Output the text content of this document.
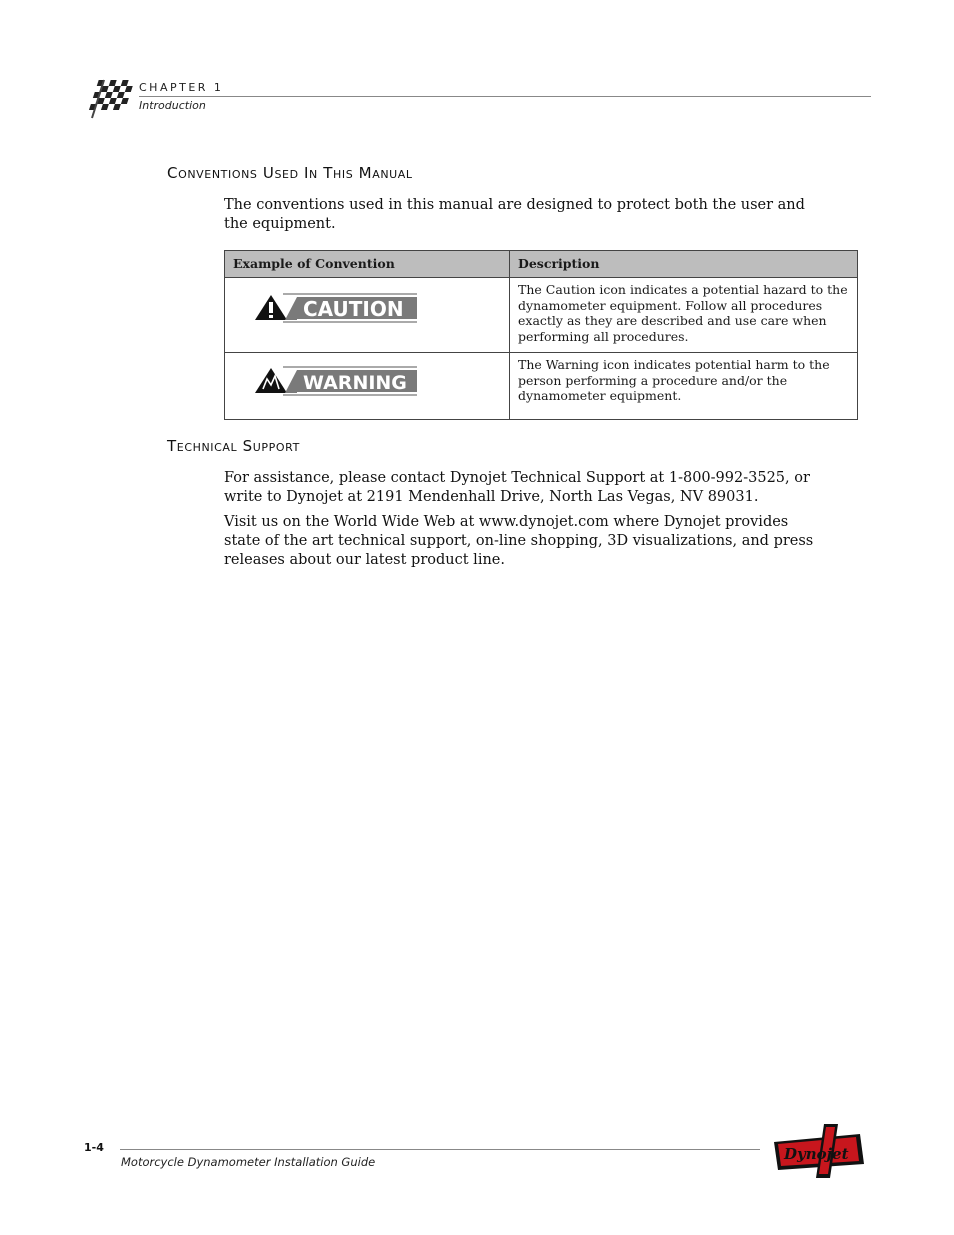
CHAPTER 1
Introduction
Conventions Used In This Manual
The conventions used in this manual are designed to protect both the user and the equipment.
Example of Convention	Description

CAUTION	The Caution icon indicates a potential hazard to the dynamometer equipment. Follow all procedures exactly as they are described and use care when performing all procedures.

WARNING	The Warning icon indicates potential harm to the person performing a procedure and/or the dynamometer equipment.
Technical Support
For assistance, please contact Dynojet Technical Support at 1-800-992-3525, or write to Dynojet at 2191 Mendenhall Drive, North Las Vegas, NV 89031.
Visit us on the World Wide Web at www.dynojet.com where Dynojet provides state of the art technical support, on-line shopping, 3D visualizations, and press releases about our latest product line.
1-4
Motorcycle Dynamometer Installation Guide	Dynojet
